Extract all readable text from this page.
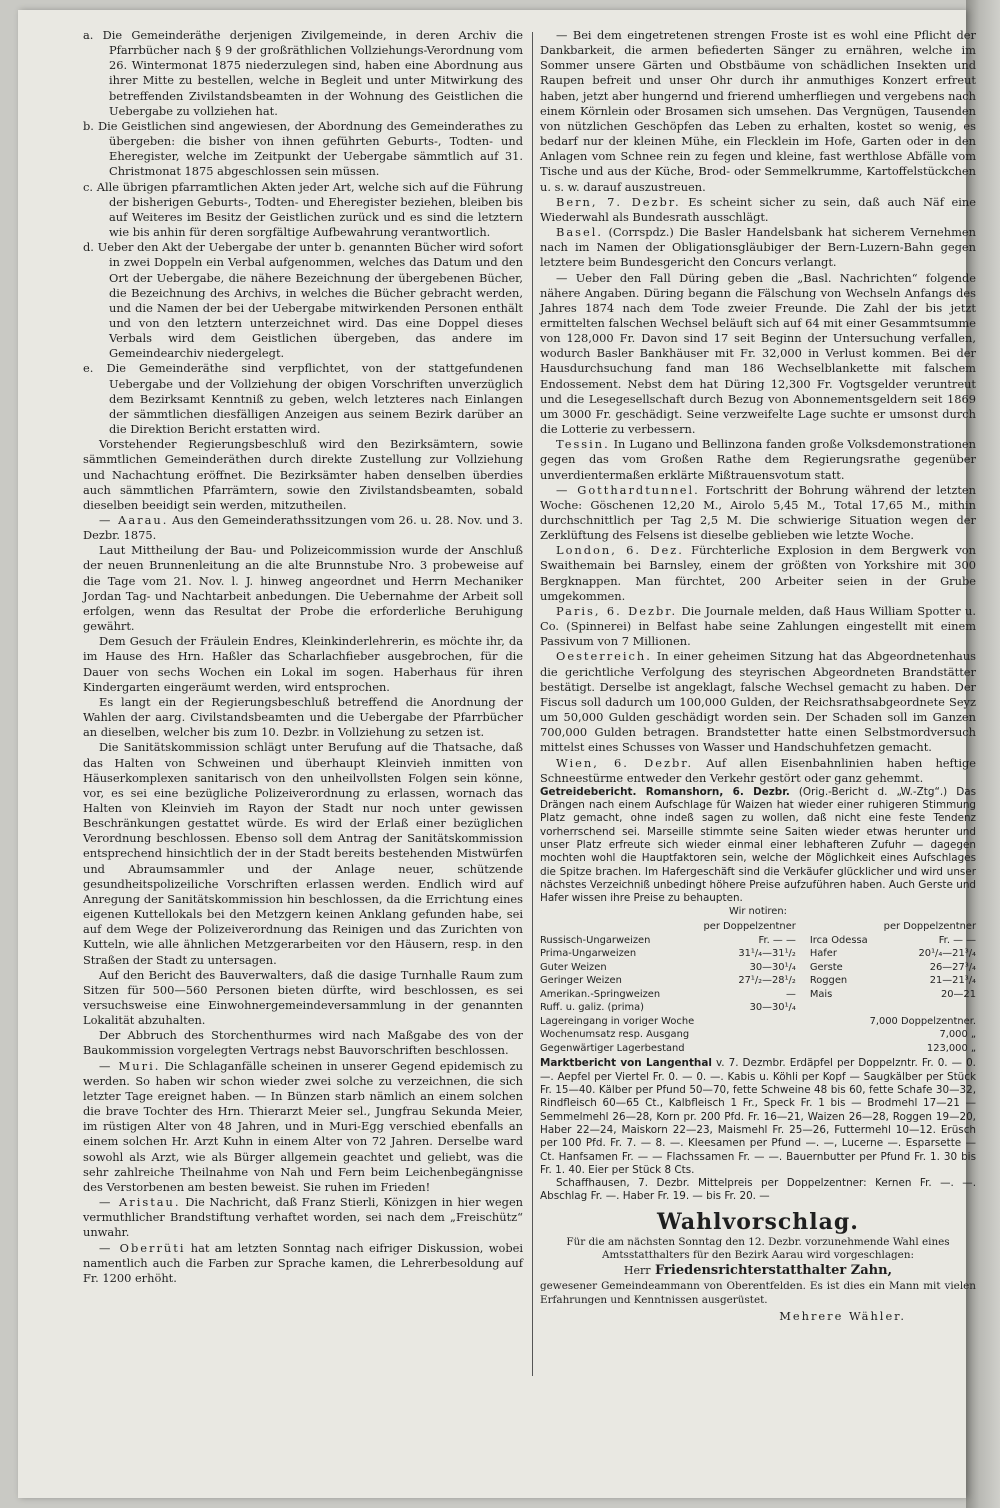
a. Die Gemeinderäthe derjenigen Zivilgemeinde, in deren Archiv die Pfarrbücher nach § 9 der großräthlichen Vollziehungs-Verordnung vom 26. Wintermonat 1875 niederzulegen sind, haben eine Abordnung aus ihrer Mitte zu bestellen, welche in Begleit und unter Mitwirkung des betreffenden Zivilstandsbeamten in der Wohnung des Geistlichen die Uebergabe zu vollziehen hat.

b. Die Geistlichen sind angewiesen, der Abordnung des Gemeinderathes zu übergeben: die bisher von ihnen geführten Geburts-, Todten- und Eheregister, welche im Zeitpunkt der Uebergabe sämmtlich auf 31. Christmonat 1875 abgeschlossen sein müssen.

c. Alle übrigen pfarramtlichen Akten jeder Art, welche sich auf die Führung der bisherigen Geburts-, Todten- und Eheregister beziehen, bleiben bis auf Weiteres im Besitz der Geistlichen zurück und es sind die letztern wie bis anhin für deren sorgfältige Aufbewahrung verantwortlich.

d. Ueber den Akt der Uebergabe der unter b. genannten Bücher wird sofort in zwei Doppeln ein Verbal aufgenommen, welches das Datum und den Ort der Uebergabe, die nähere Bezeichnung der übergebenen Bücher, die Bezeichnung des Archivs, in welches die Bücher gebracht werden, und die Namen der bei der Uebergabe mitwirkenden Personen enthält und von den letztern unterzeichnet wird. Das eine Doppel dieses Verbals wird dem Geistlichen übergeben, das andere im Gemeindearchiv niedergelegt.

e. Die Gemeinderäthe sind verpflichtet, von der stattgefundenen Uebergabe und der Vollziehung der obigen Vorschriften unverzüglich dem Bezirksamt Kenntniß zu geben, welch letzteres nach Einlangen der sämmtlichen diesfälligen Anzeigen aus seinem Bezirk darüber an die Direktion Bericht erstatten wird.

Vorstehender Regierungsbeschluß wird den Bezirksämtern, sowie sämmtlichen Gemeinderäthen durch direkte Zustellung zur Vollziehung und Nachachtung eröffnet. Die Bezirksämter haben denselben überdies auch sämmtlichen Pfarrämtern, sowie den Zivilstandsbeamten, sobald dieselben beeidigt sein werden, mitzutheilen.

— Aarau. Aus den Gemeinderathssitzungen vom 26. u. 28. Nov. und 3. Dezbr. 1875.

Laut Mittheilung der Bau- und Polizeicommission wurde der Anschluß der neuen Brunnenleitung an die alte Brunnstube Nro. 3 probeweise auf die Tage vom 21. Nov. l. J. hinweg angeordnet und Herrn Mechaniker Jordan Tag- und Nachtarbeit anbedungen. Die Uebernahme der Arbeit soll erfolgen, wenn das Resultat der Probe die erforderliche Beruhigung gewährt.

Dem Gesuch der Fräulein Endres, Kleinkinderlehrerin, es möchte ihr, da im Hause des Hrn. Haßler das Scharlachfieber ausgebrochen, für die Dauer von sechs Wochen ein Lokal im sogen. Haberhaus für ihren Kindergarten eingeräumt werden, wird entsprochen.

Es langt ein der Regierungsbeschluß betreffend die Anordnung der Wahlen der aarg. Civilstandsbeamten und die Uebergabe der Pfarrbücher an dieselben, welcher bis zum 10. Dezbr. in Vollziehung zu setzen ist.

Die Sanitätskommission schlägt unter Berufung auf die Thatsache, daß das Halten von Schweinen und überhaupt Kleinvieh inmitten von Häuserkomplexen sanitarisch von den unheilvollsten Folgen sein könne, vor, es sei eine bezügliche Polizeiverordnung zu erlassen, wornach das Halten von Kleinvieh im Rayon der Stadt nur noch unter gewissen Beschränkungen gestattet würde. Es wird der Erlaß einer bezüglichen Verordnung beschlossen. Ebenso soll dem Antrag der Sanitätskommission entsprechend hinsichtlich der in der Stadt bereits bestehenden Mistwürfen und Abraumsammler und der Anlage neuer, schützende gesundheitspolizeiliche Vorschriften erlassen werden. Endlich wird auf Anregung der Sanitätskommission hin beschlossen, da die Errichtung eines eigenen Kuttellokals bei den Metzgern keinen Anklang gefunden habe, sei auf dem Wege der Polizeiverordnung das Reinigen und das Zurichten von Kutteln, wie alle ähnlichen Metzgerarbeiten vor den Häusern, resp. in den Straßen der Stadt zu untersagen.

Auf den Bericht des Bauverwalters, daß die dasige Turnhalle Raum zum Sitzen für 500—560 Personen bieten dürfte, wird beschlossen, es sei versuchsweise eine Einwohnergemeindeversammlung in der genannten Lokalität abzuhalten.

Der Abbruch des Storchenthurmes wird nach Maßgabe des von der Baukommission vorgelegten Vertrags nebst Bauvorschriften beschlossen.

— Muri. Die Schlaganfälle scheinen in unserer Gegend epidemisch zu werden. So haben wir schon wieder zwei solche zu verzeichnen, die sich letzter Tage ereignet haben. — In Bünzen starb nämlich an einem solchen die brave Tochter des Hrn. Thierarzt Meier sel., Jungfrau Sekunda Meier, im rüstigen Alter von 48 Jahren, und in Muri-Egg verschied ebenfalls an einem solchen Hr. Arzt Kuhn in einem Alter von 72 Jahren. Derselbe ward sowohl als Arzt, wie als Bürger allgemein geachtet und geliebt, was die sehr zahlreiche Theilnahme von Nah und Fern beim Leichenbegängnisse des Verstorbenen am besten beweist. Sie ruhen im Frieden!

— Aristau. Die Nachricht, daß Franz Stierli, Könizgen in hier wegen vermuthlicher Brandstiftung verhaftet worden, sei nach dem „Freischütz“ unwahr.

— Oberrüti hat am letzten Sonntag nach eifriger Diskussion, wobei namentlich auch die Farben zur Sprache kamen, die Lehrerbesoldung auf Fr. 1200 erhöht.

— Bei dem eingetretenen strengen Froste ist es wohl eine Pflicht der Dankbarkeit, die armen befiederten Sänger zu ernähren, welche im Sommer unsere Gärten und Obstbäume von schädlichen Insekten und Raupen befreit und unser Ohr durch ihr anmuthiges Konzert erfreut haben, jetzt aber hungernd und frierend umherfliegen und vergebens nach einem Körnlein oder Brosamen sich umsehen. Das Vergnügen, Tausenden von nützlichen Geschöpfen das Leben zu erhalten, kostet so wenig, es bedarf nur der kleinen Mühe, ein Flecklein im Hofe, Garten oder in den Anlagen vom Schnee rein zu fegen und kleine, fast werthlose Abfälle vom Tische und aus der Küche, Brod- oder Semmelkrumme, Kartoffelstückchen u. s. w. darauf auszustreuen.

Bern, 7. Dezbr. Es scheint sicher zu sein, daß auch Näf eine Wiederwahl als Bundesrath ausschlägt.

Basel. (Corrspdz.) Die Basler Handelsbank hat sicherem Vernehmen nach im Namen der Obligationsgläubiger der Bern-Luzern-Bahn gegen letztere beim Bundesgericht den Concurs verlangt.

— Ueber den Fall Düring geben die „Basl. Nachrichten“ folgende nähere Angaben. Düring begann die Fälschung von Wechseln Anfangs des Jahres 1874 nach dem Tode zweier Freunde. Die Zahl der bis jetzt ermittelten falschen Wechsel beläuft sich auf 64 mit einer Gesammtsumme von 128,000 Fr. Davon sind 17 seit Beginn der Untersuchung verfallen, wodurch Basler Bankhäuser mit Fr. 32,000 in Verlust kommen. Bei der Hausdurchsuchung fand man 186 Wechselblankette mit falschem Endossement. Nebst dem hat Düring 12,300 Fr. Vogtsgelder veruntreut und die Lesegesellschaft durch Bezug von Abonnementsgeldern seit 1869 um 3000 Fr. geschädigt. Seine verzweifelte Lage suchte er umsonst durch die Lotterie zu verbessern.

Tessin. In Lugano und Bellinzona fanden große Volksdemonstrationen gegen das vom Großen Rathe dem Regierungsrathe gegenüber unverdientermaßen erklärte Mißtrauensvotum statt.

— Gotthardtunnel. Fortschritt der Bohrung während der letzten Woche: Göschenen 12,20 M., Airolo 5,45 M., Total 17,65 M., mithin durchschnittlich per Tag 2,5 M. Die schwierige Situation wegen der Zerklüftung des Felsens ist dieselbe geblieben wie letzte Woche.

London, 6. Dez. Fürchterliche Explosion in dem Bergwerk von Swaithemain bei Barnsley, einem der größten von Yorkshire mit 300 Bergknappen. Man fürchtet, 200 Arbeiter seien in der Grube umgekommen.

Paris, 6. Dezbr. Die Journale melden, daß Haus William Spotter u. Co. (Spinnerei) in Belfast habe seine Zahlungen eingestellt mit einem Passivum von 7 Millionen.

Oesterreich. In einer geheimen Sitzung hat das Abgeordnetenhaus die gerichtliche Verfolgung des steyrischen Abgeordneten Brandstätter bestätigt. Derselbe ist angeklagt, falsche Wechsel gemacht zu haben. Der Fiscus soll dadurch um 100,000 Gulden, der Reichsrathsabgeordnete Seyz um 50,000 Gulden geschädigt worden sein. Der Schaden soll im Ganzen 700,000 Gulden betragen. Brandstetter hatte einen Selbstmordversuch mittelst eines Schusses von Wasser und Handschuhfetzen gemacht.

Wien, 6. Dezbr. Auf allen Eisenbahnlinien haben heftige Schneestürme entweder den Verkehr gestört oder ganz gehemmt.

Getreidebericht. Romanshorn, 6. Dezbr. (Orig.-Bericht d. „W.-Ztg“.) Das Drängen nach einem Aufschlage für Waizen hat wieder einer ruhigeren Stimmung Platz gemacht, ohne indeß sagen zu wollen, daß nicht eine feste Tendenz vorherrschend sei. Marseille stimmte seine Saiten wieder etwas herunter und unser Platz erfreute sich wieder einmal einer lebhafteren Zufuhr — dagegen mochten wohl die Hauptfaktoren sein, welche der Möglichkeit eines Aufschlages die Spitze brachen. Im Hafergeschäft sind die Verkäufer glücklicher und wird unser nächstes Verzeichniß unbedingt höhere Preise aufzuführen haben. Auch Gerste und Hafer wissen ihre Preise zu behaupten.

Wir notiren:

per Doppelzentner			per Doppelzentner	
Russisch-Ungarweizen	Fr. — —		Irca Odessa	Fr. — —
Prima-Ungarweizen	31¹/₄—31¹/₂		Hafer	20¹/₄—21³/₄
Guter Weizen	30—30¹/₄		Gerste	26—27³/₄
Geringer Weizen	27¹/₂—28¹/₂		Roggen	21—21³/₄
Amerikan.-Springweizen	—		Mais	20—21
Ruff. u. galiz. (prima)	30—30¹/₄			
Lagereingang in voriger Woche			7,000 Doppelzentner.	
Wochenumsatz resp. Ausgang			7,000 „	
Gegenwärtiger Lagerbestand			123,000 „	

Marktbericht von Langenthal v. 7. Dezmbr. Erdäpfel per Doppelzntr. Fr. 0. — 0. —. Aepfel per Viertel Fr. 0. — 0. —. Kabis u. Köhli per Kopf — Saugkälber per Stück Fr. 15—40. Kälber per Pfund 50—70, fette Schweine 48 bis 60, fette Schafe 30—32, Rindfleisch 60—65 Ct., Kalbfleisch 1 Fr., Speck Fr. 1 bis — Brodmehl 17—21 — Semmelmehl 26—28, Korn pr. 200 Pfd. Fr. 16—21, Waizen 26—28, Roggen 19—20, Haber 22—24, Maiskorn 22—23, Maismehl Fr. 25—26, Futtermehl 10—12. Erüsch per 100 Pfd. Fr. 7. — 8. —. Kleesamen per Pfund —. —, Lucerne —. Esparsette — Ct. Hanfsamen Fr. — — Flachssamen Fr. — —. Bauernbutter per Pfund Fr. 1. 30 bis Fr. 1. 40. Eier per Stück 8 Cts.

Schaffhausen, 7. Dezbr. Mittelpreis per Doppelzentner: Kernen Fr. —. —. Abschlag Fr. —. Haber Fr. 19. — bis Fr. 20. —

Wahlvorschlag.

Für die am nächsten Sonntag den 12. Dezbr. vorzunehmende Wahl eines Amtsstatthalters für den Bezirk Aarau wird vorgeschlagen:

Herr Friedensrichterstatthalter Zahn,

gewesener Gemeindeammann von Oberentfelden. Es ist dies ein Mann mit vielen Erfahrungen und Kenntnissen ausgerüstet.

Mehrere Wähler.
